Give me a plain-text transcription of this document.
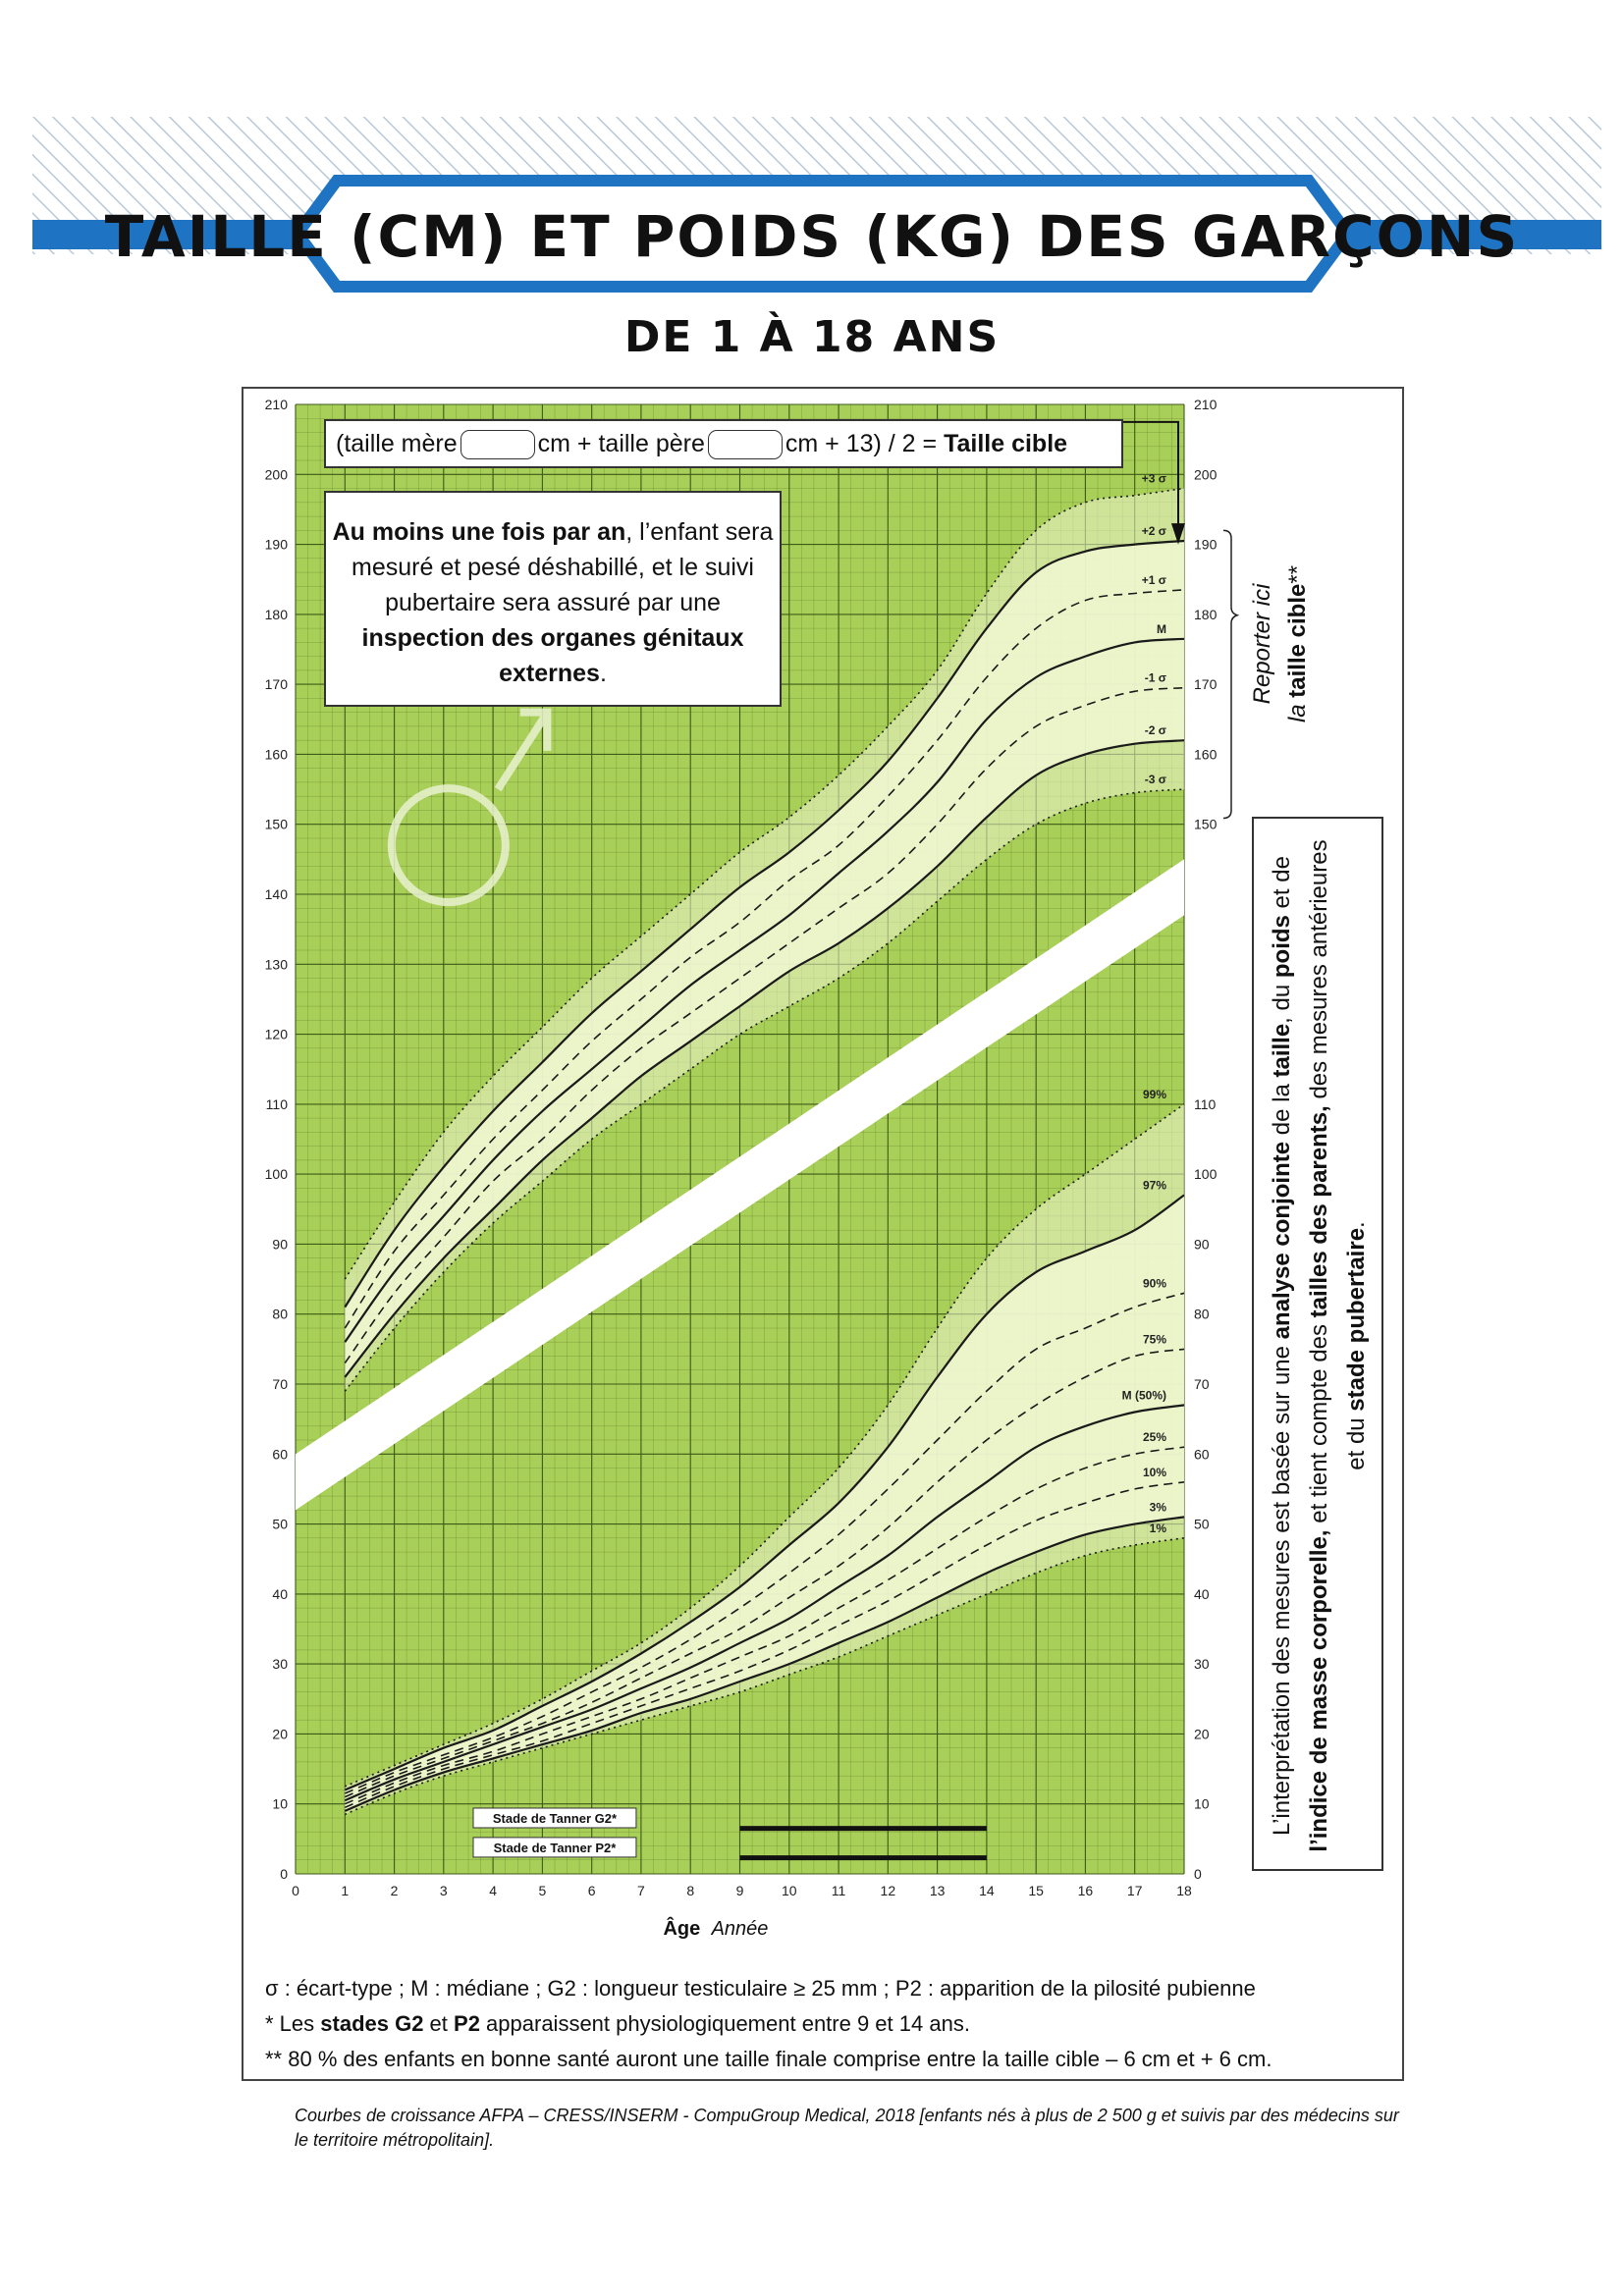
TAILLE (CM) ET POIDS (KG) DES GARÇONS
DE 1 À 18 ANS
+3 σ
+2 σ
+1 σ
M
-1 σ
-2 σ
-3 σ
99%
97%
90%
75%
M (50%)
25%
10%
3%
1%
60
70
80
90
100
110
120
130
140
150
160
170
180
190
200
210
0
10
20
30
40
50
150
160
170
180
190
200
210
0
10
20
30
40
50
60
70
80
90
100
110
0	1	2	3	4	5	6	7	8	9	10	11	12 13 14 15 16 17 18
Âge Année
Stade de Tanner G2*
Stade de Tanner P2*
(taille mère	cm + taille père	cm + 13) / 2 = Taille cible
Au moins une fois par an, l’enfant sera mesuré et pesé déshabillé, et le suivi pubertaire sera assuré par une inspection des organes génitaux externes.	Reporter ici
la taille cible**
L’interprétation des mesures est basée sur une analyse conjointe de la taille, du poids et de l’indice de masse corporelle, et tient compte des tailles des parents, des mesures antérieures et du stade pubertaire.
σ : écart-type ; M : médiane ; G2 : longueur testiculaire ≥ 25 mm ; P2 : apparition de la pilosité pubienne
* Les stades G2 et P2 apparaissent physiologiquement entre 9 et 14 ans.
** 80 % des enfants en bonne santé auront une taille finale comprise entre la taille cible – 6 cm et + 6 cm.
Courbes de croissance AFPA – CRESS/INSERM - CompuGroup Medical, 2018 [enfants nés à plus de 2 500 g et suivis par des médecins sur le territoire métropolitain].
